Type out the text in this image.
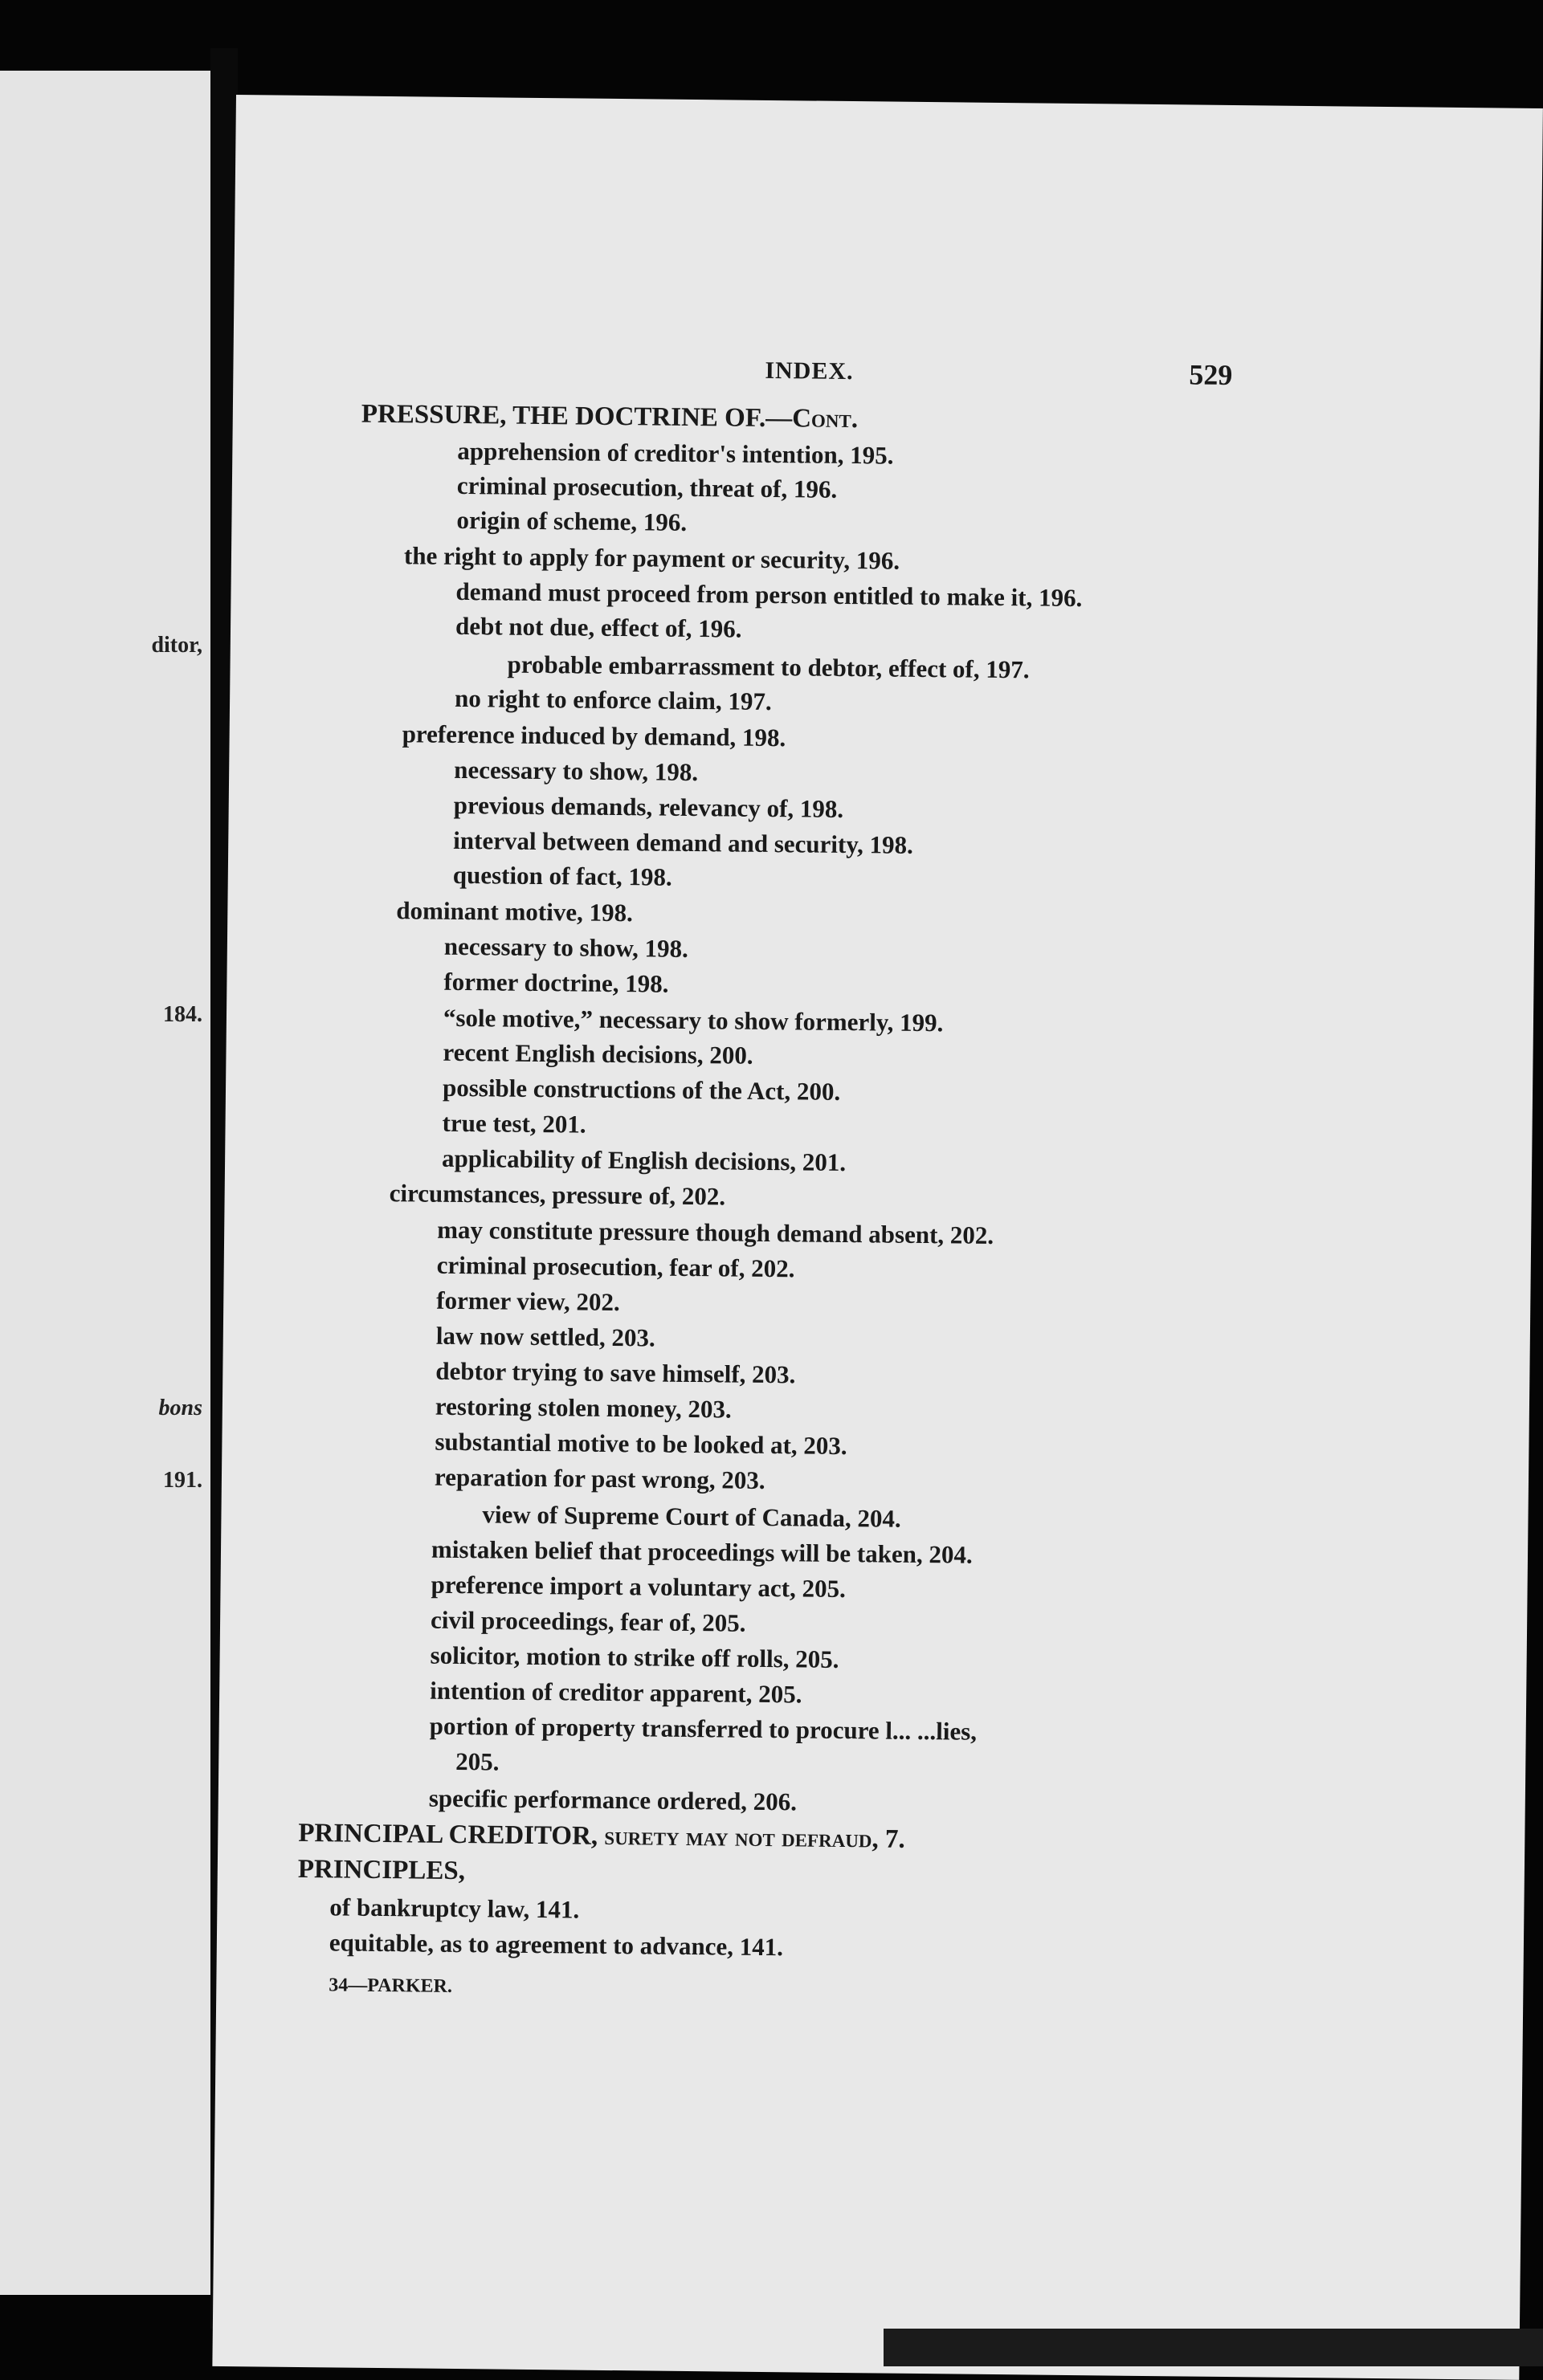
ditor,
184.
bons
191.
INDEX.	529
PRESSURE, THE DOCTRINE OF.—Cont.
apprehension of creditor's intention, 195.
criminal prosecution, threat of, 196.
origin of scheme, 196.
the right to apply for payment or security, 196.
demand must proceed from person entitled to make it, 196.
debt not due, effect of, 196.
probable embarrassment to debtor, effect of, 197.
no right to enforce claim, 197.
preference induced by demand, 198.
necessary to show, 198.
previous demands, relevancy of, 198.
interval between demand and security, 198.
question of fact, 198.
dominant motive, 198.
necessary to show, 198.
former doctrine, 198.
“sole motive,” necessary to show formerly, 199.
recent English decisions, 200.
possible constructions of the Act, 200.
true test, 201.
applicability of English decisions, 201.
circumstances, pressure of, 202.
may constitute pressure though demand absent, 202.
criminal prosecution, fear of, 202.
former view, 202.
law now settled, 203.
debtor trying to save himself, 203.
restoring stolen money, 203.
substantial motive to be looked at, 203.
reparation for past wrong, 203.
view of Supreme Court of Canada, 204.
mistaken belief that proceedings will be taken, 204.
preference import a voluntary act, 205.
civil proceedings, fear of, 205.
solicitor, motion to strike off rolls, 205.
intention of creditor apparent, 205.
portion of property transferred to procure l... ...lies,
205.
specific performance ordered, 206.
PRINCIPAL CREDITOR, surety may not defraud, 7.
PRINCIPLES,
of bankruptcy law, 141.
equitable, as to agreement to advance, 141.
34—PARKER.
